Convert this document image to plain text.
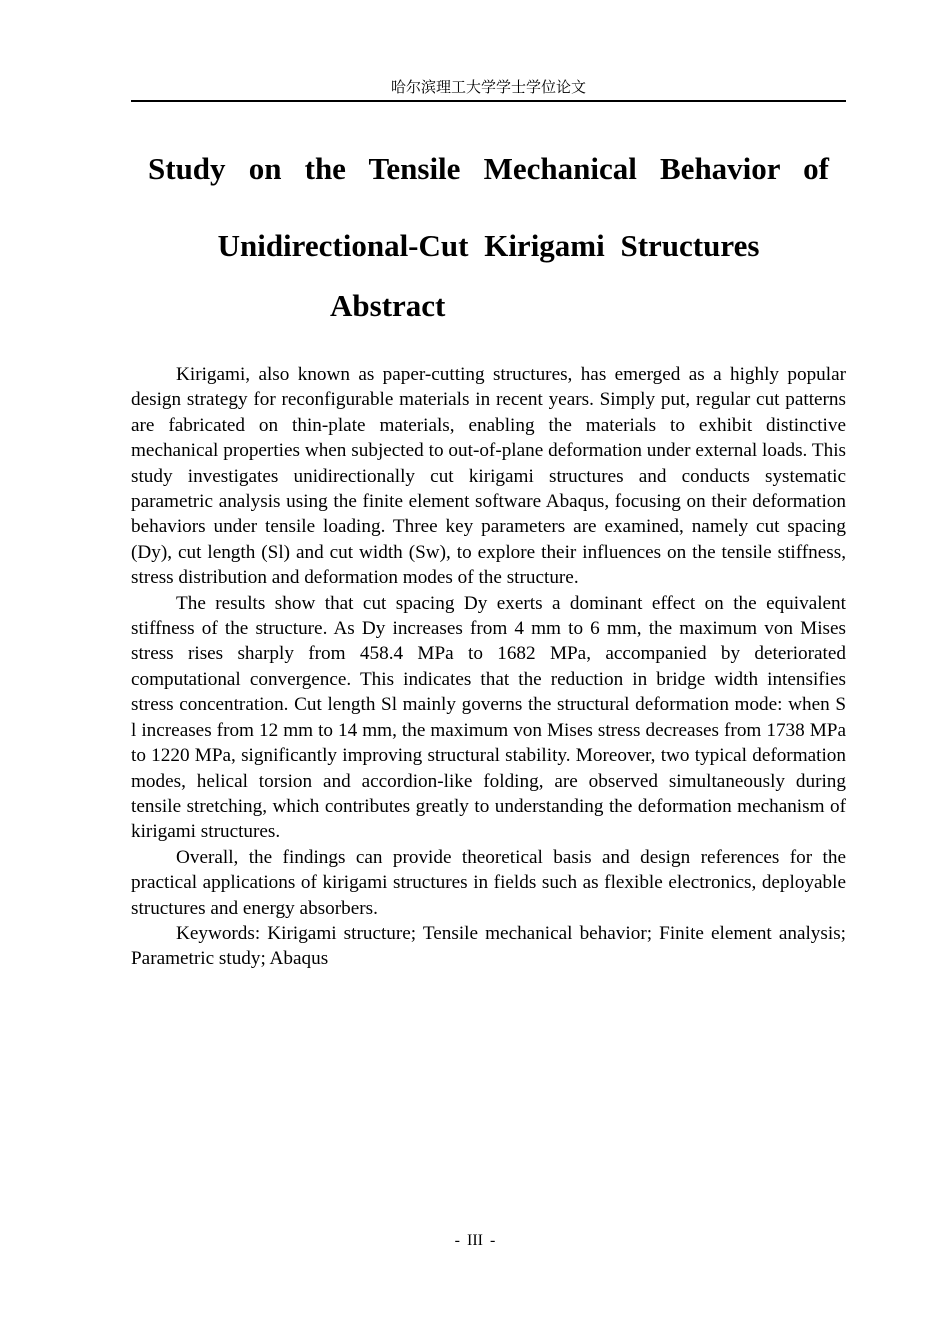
哈尔滨理工大学学士学位论文
Study on the Tensile Mechanical Behavior of
Unidirectional-Cut Kirigami Structures
Abstract

Kirigami, also known as paper-cutting structures, has emerged as a highly popular design strategy for reconfigurable materials in recent years. Simply put, regular cut patterns are fabricated on thin-plate materials, enabling the materials to exhibit distinctive mechanical properties when subjected to out-of-plane deformation under external loads. This study investigates unidirectionally cut kirigami structures and conducts systematic parametric analysis using the finite element software Abaqus, focusing on their deformation behaviors under tensile loading. Three key parameters are examined, namely cut spacing (Dy), cut length (Sl) and cut width (Sw), to explore their influences on the tensile stiffness, stress distribution and deformation modes of the structure.

The results show that cut spacing Dy exerts a dominant effect on the equivalent stiffness of the structure. As Dy increases from 4 mm to 6 mm, the maximum von Mises stress rises sharply from 458.4 MPa to 1682 MPa, accompanied by deteriorated computational convergence. This indicates that the reduction in bridge width intensifies stress concentration. Cut length Sl mainly governs the structural deformation mode: when S l increases from 12 mm to 14 mm, the maximum von Mises stress decreases from 1738 MPa to 1220 MPa, significantly improving structural stability. Moreover, two typical deformation modes, helical torsion and accordion-like folding, are observed simultaneously during tensile stretching, which contributes greatly to understanding the deformation mechanism of kirigami structures.

Overall, the findings can provide theoretical basis and design references for the practical applications of kirigami structures in fields such as flexible electronics, deployable structures and energy absorbers.

Keywords: Kirigami structure; Tensile mechanical behavior; Finite element analysis; Parametric study; Abaqus

- III -
